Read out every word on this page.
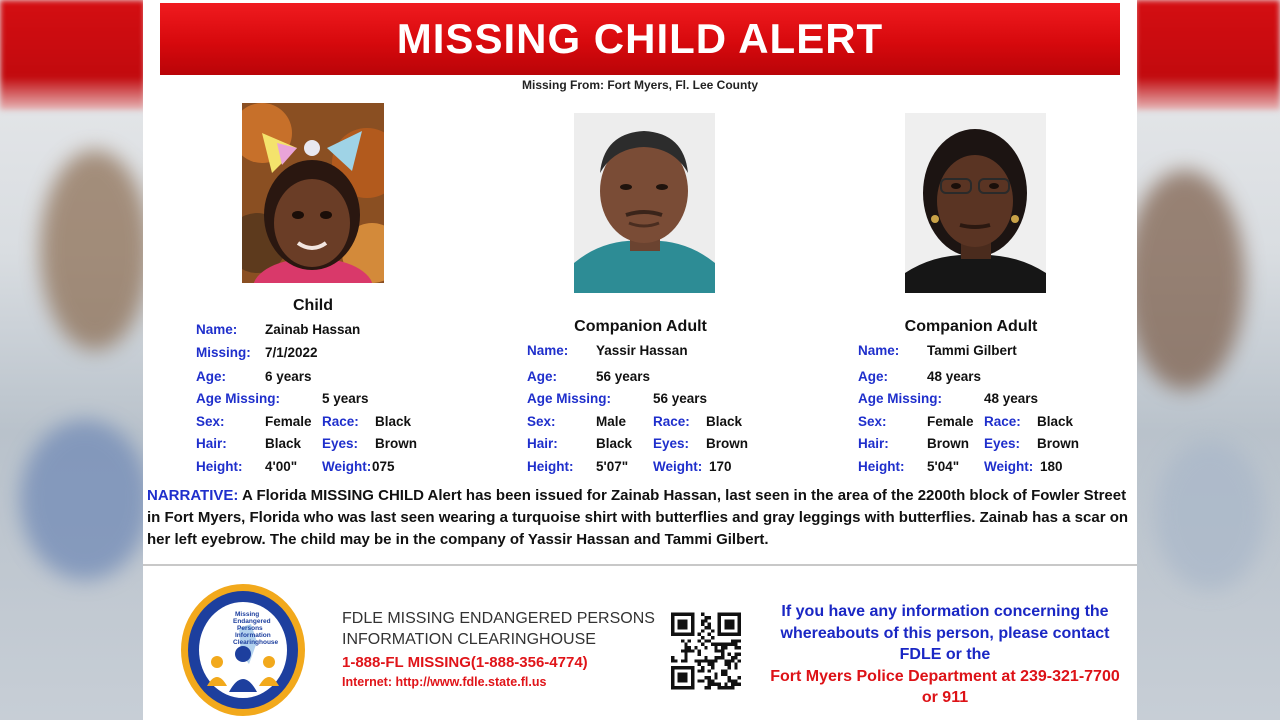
MISSING CHILD ALERT
Missing From: Fort Myers, Fl. Lee County
Child
Companion Adult	Companion Adult
Name: Zainab Hassan
Missing: 7/1/2022
Age:	6 years
Age Missing:	5 years
Sex:	Female Race: Black
Hair:	Black Eyes: Brown
Height: 4'00" Weight: 075
Name: Yassir Hassan
Age:	56 years
Age Missing:	56 years
Sex:	Male Race: Black
Hair:	Black Eyes: Brown
Height: 5'07" Weight: 170
Name: Tammi Gilbert
Age:	48 years
Age Missing:	48 years
Sex:	Female Race: Black
Hair:	Brown Eyes: Brown
Height: 5'04" Weight: 180
NARRATIVE: A Florida MISSING CHILD Alert has been issued for Zainab Hassan, last seen in the area of the 2200th block of Fowler Street in Fort Myers, Florida who was last seen wearing a turquoise shirt with butterflies and gray leggings with butterflies. Zainab has a scar on her left eyebrow. The child may be in the company of Yassir Hassan and Tammi Gilbert.
Missing
Endangered
Persons
Information
Clearinghouse
FDLE MISSING ENDANGERED PERSONS
INFORMATION CLEARINGHOUSE
1-888-FL MISSING(1-888-356-4774)
Internet: http://www.fdle.state.fl.us
If you have any information concerning the
whereabouts of this person, please contact
FDLE or the
Fort Myers Police Department at 239-321-7700
or 911
